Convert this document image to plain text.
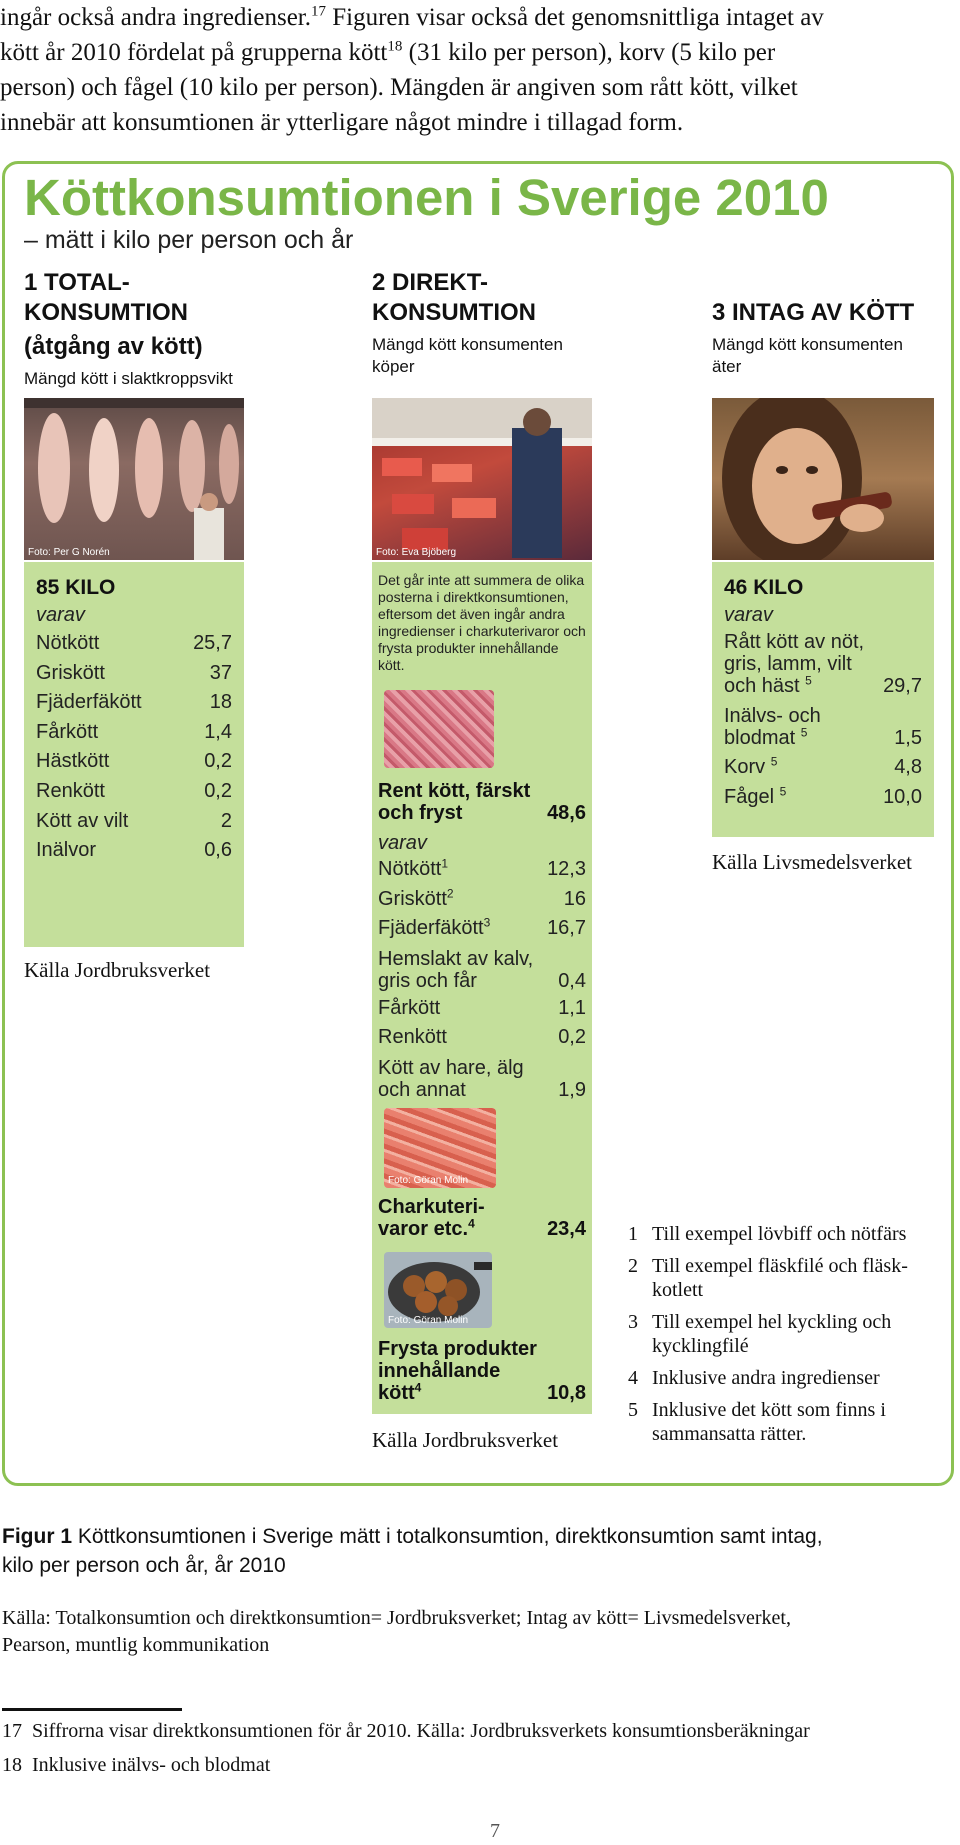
ingår också andra ingredienser.$^{17}$ Figuren visar också det genomsnittliga intaget av

kött år 2010 fördelat på grupperna kött$^{18}$ (31 kilo per person), korv (5 kilo per

person) och fågel (10 kilo per person). Mängden är angiven som rått kött, vilket

innebär att konsumtionen är ytterligare något mindre i tillagad form.

Köttkonsumtionen i Sverige 2010
– mätt i kilo per person och år
1 TOTAL-
KONSUMTION
(åtgång av kött)
Mängd kött i slaktkroppsvikt
2 DIREKT-
KONSUMTION
Mängd kött konsumenten
köper
3 INTAG AV KÖTT
Mängd kött konsumenten
äter
Foto: Per G Norén	Foto: Eva Bjöberg
85 KILO
varav
Nötkött	25,7
Griskött	37
Fjäderfäkött	18
Fårkött	1,4
Hästkött	0,2
Renkött	0,2
Kött av vilt	2
Inälvor	0,6
Källa Jordbruksverket
Det går inte att summera de olika
posterna i direktkonsumtionen,
eftersom det även ingår andra
ingredienser i charkuterivaror och
frysta produkter innehållande kött.
Rent kött, färskt
och fryst	48,6
varav
Nötkött$^1$	12,3
Griskött$^2$	16
Fjäderfäkött$^3$	16,7
Hemslakt av kalv,
gris och får	0,4
Fårkött	1,1
Renkött	0,2
Kött av hare, älg
och annat	1,9
Foto: Göran Molin
Charkuteri-
varor etc.$^4$	23,4
Foto: Göran Molin
Frysta produkter
innehållande
kött$^4$	10,8
Källa Jordbruksverket
46 KILO
varav
Rått kött av nöt,
gris, lamm, vilt
och häst $^5$	29,7
Inälvs- och
blodmat $^5$	1,5
Korv $^5$	4,8
Fågel $^5$	10,0
Källa Livsmedelsverket
1 Till exempel lövbiff och nötfärs
2 Till exempel fläskfilé och fläsk-
kotlett
3 Till exempel hel kyckling och
kycklingfilé
4 Inklusive andra ingredienser
5 Inklusive det kött som finns i
sammansatta rätter.
Figur 1 Köttkonsumtionen i Sverige mätt i totalkonsumtion, direktkonsumtion samt intag,
kilo per person och år, år 2010
Källa: Totalkonsumtion och direktkonsumtion= Jordbruksverket; Intag av kött= Livsmedelsverket,
Pearson, muntlig kommunikation
17 Siffrorna visar direktkonsumtionen för år 2010. Källa: Jordbruksverkets konsumtionsberäkningar
18 Inklusive inälvs- och blodmat
7
